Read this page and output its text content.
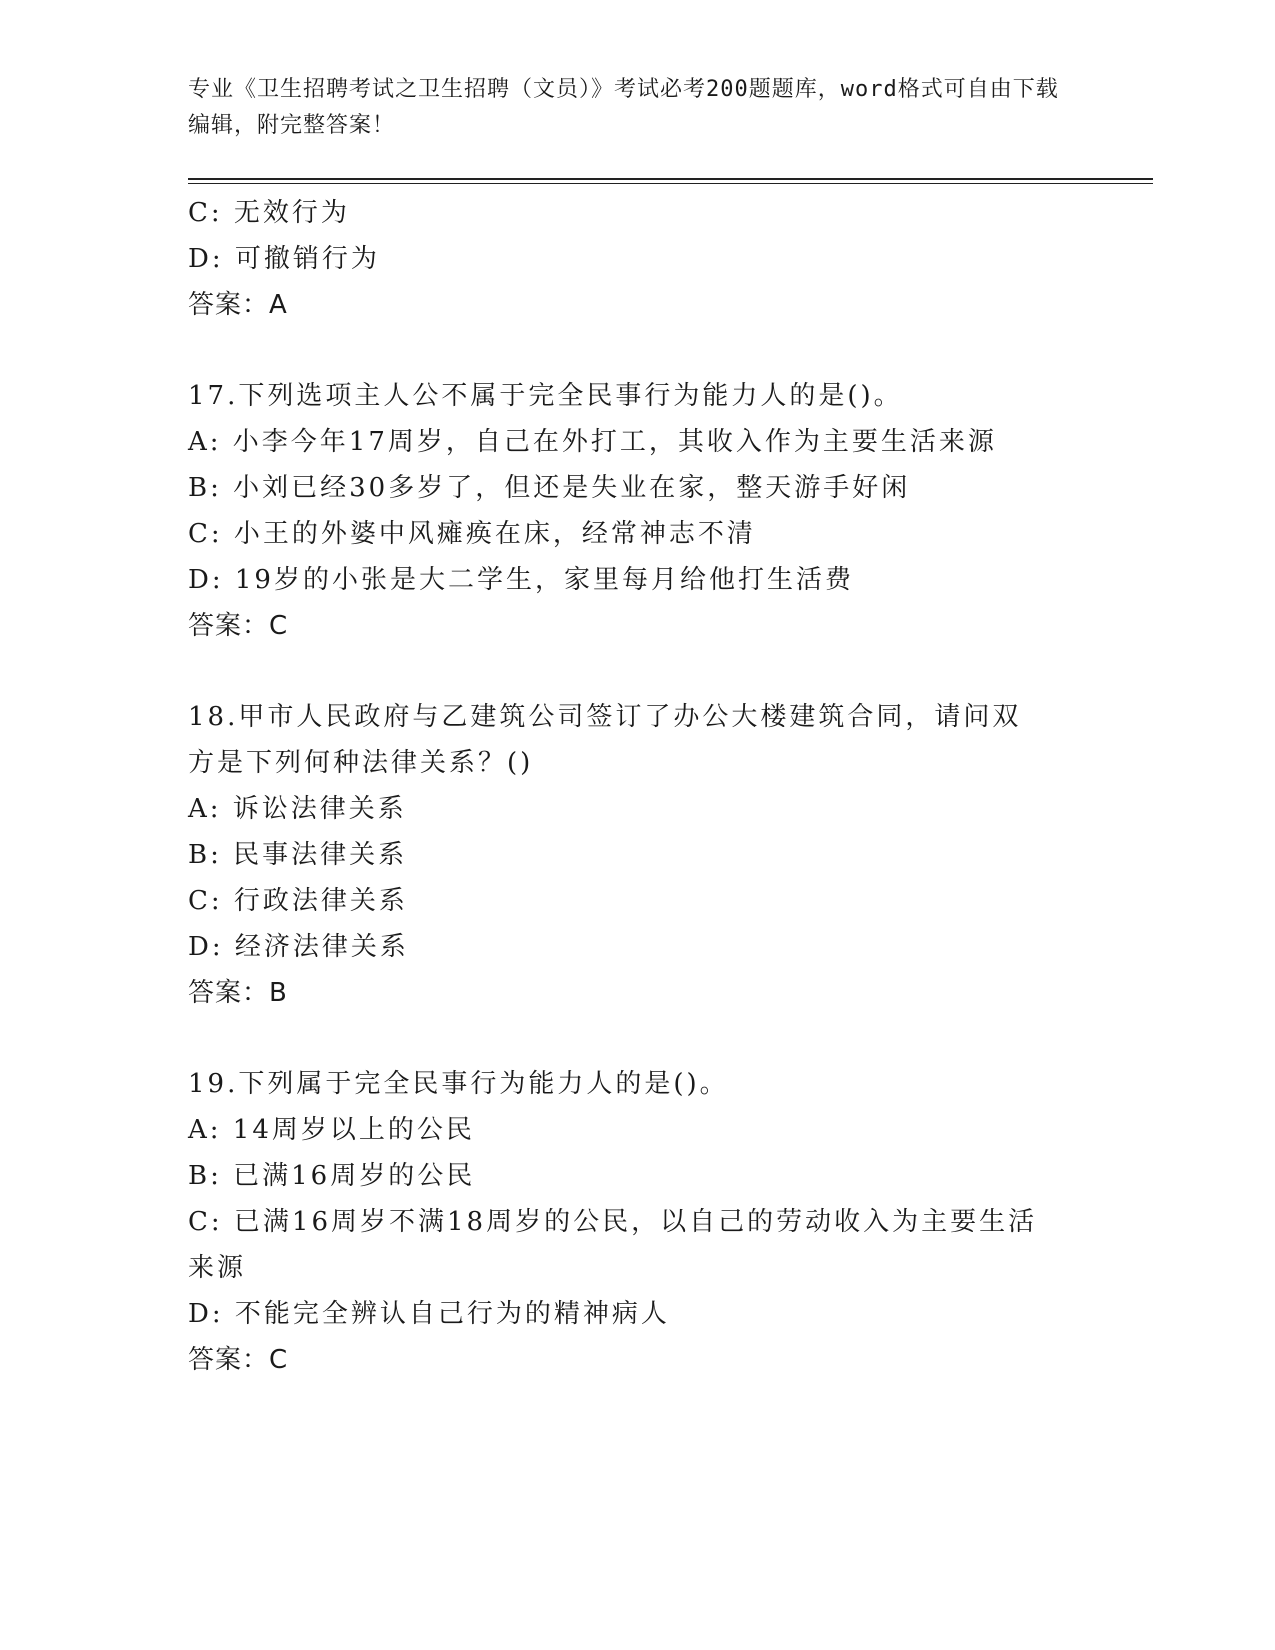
专业《卫生招聘考试之卫生招聘（文员）》考试必考200题题库，word格式可自由下载编辑，附完整答案！
C: 无效行为
D: 可撤销行为
答案：A
17.下列选项主人公不属于完全民事行为能力人的是()。
A: 小李今年17周岁，自己在外打工，其收入作为主要生活来源
B: 小刘已经30多岁了，但还是失业在家，整天游手好闲
C: 小王的外婆中风瘫痪在床，经常神志不清
D: 19岁的小张是大二学生，家里每月给他打生活费
答案：C
18.甲市人民政府与乙建筑公司签订了办公大楼建筑合同，请问双方是下列何种法律关系？()
A: 诉讼法律关系
B: 民事法律关系
C: 行政法律关系
D: 经济法律关系
答案：B
19.下列属于完全民事行为能力人的是()。
A: 14周岁以上的公民
B: 已满16周岁的公民
C: 已满16周岁不满18周岁的公民，以自己的劳动收入为主要生活来源
D: 不能完全辨认自己行为的精神病人
答案：C
